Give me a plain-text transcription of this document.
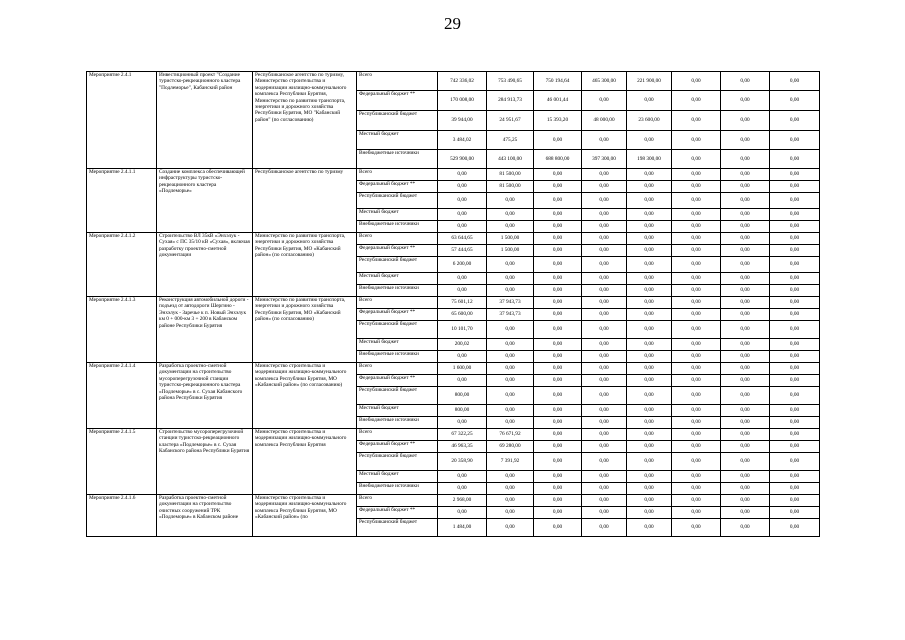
29
Мероприятие 2.4.1	Инвестиционный проект "Создание туристско-рекреационного кластера "Подлеморье", Кабанский район	Республиканское агентство по туризму, Министерство строительства и модернизации жилищно-коммунального комплекса Республики Бурятия, Министерство по развитию транспорта, энергетики и дорожного хозяйства Республики Бурятия, МО "Кабанский район" (по согласованию)	Всего	742 336,02	753 490,65	750 194,64	465 300,00	221 900,00	0,00	0,00	0,00
			Федеральный бюджет **	170 008,00	284 913,73	46 001,44	0,00	0,00	0,00	0,00	0,00
			Республиканский бюджет	39 944,00	24 951,67	15 393,20	48 000,00	23 600,00	0,00	0,00	0,00
			Местный бюджет	3 484,02	475,25	0,00	0,00	0,00	0,00	0,00	0,00
			Внебюджетные источники	529 900,00	443 100,00	688 800,00	397 300,00	198 300,00	0,00	0,00	0,00
Мероприятие 2.4.1.1	Создание комплекса обеспечивающей инфраструктуры туристско-рекреационного кластера «Подлеморье»	Республиканское агентство по туризму	Всего	0,00	81 500,00	0,00	0,00	0,00	0,00	0,00	0,00
			Федеральный бюджет **	0,00	81 500,00	0,00	0,00	0,00	0,00	0,00	0,00
			Республиканский бюджет	0,00	0,00	0,00	0,00	0,00	0,00	0,00	0,00
			Местный бюджет	0,00	0,00	0,00	0,00	0,00	0,00	0,00	0,00
			Внебюджетные источники	0,00	0,00	0,00	0,00	0,00	0,00	0,00	0,00
Мероприятие 2.4.1.2	Строительство ВЛ 35кВ «Энхэлук - Сухая» с ПС 35/10 кВ «Сухая», включая разработку проектно-сметной документации	Министерство по развитию транспорта, энергетики и дорожного хозяйства Республики Бурятия, МО «Кабанский район» (по согласованию)	Всего	63 644,65	1 500,00	0,00	0,00	0,00	0,00	0,00	0,00
			Федеральный бюджет **	57 444,65	1 500,00	0,00	0,00	0,00	0,00	0,00	0,00
			Республиканский бюджет	6 200,00	0,00	0,00	0,00	0,00	0,00	0,00	0,00
			Местный бюджет	0,00	0,00	0,00	0,00	0,00	0,00	0,00	0,00
			Внебюджетные источники	0,00	0,00	0,00	0,00	0,00	0,00	0,00	0,00
Мероприятие 2.4.1.3	Реконструкция автомобильной дороги - подъезд от автодороги Шергино - Энхэлук - Заречье к п. Новый Энхэлук км 0 + 000-км 3 + 200 в Кабанском районе Республики Бурятия	Министерство по развитию транспорта, энергетики и дорожного хозяйства Республики Бурятия, МО «Кабанский район» (по согласованию)	Всего	75 601,12	37 943,73	0,00	0,00	0,00	0,00	0,00	0,00
			Федеральный бюджет **	65 600,00	37 943,73	0,00	0,00	0,00	0,00	0,00	0,00
			Республиканский бюджет	10 101,70	0,00	0,00	0,00	0,00	0,00	0,00	0,00
			Местный бюджет	200,02	0,00	0,00	0,00	0,00	0,00	0,00	0,00
			Внебюджетные источники	0,00	0,00	0,00	0,00	0,00	0,00	0,00	0,00
Мероприятие 2.4.1.4	Разработка проектно-сметной документации на строительство мусороперегрузочной станции туристско-рекреационного кластера «Подлеморье» в с. Сухая Кабанского района Республики Бурятия	Министерство строительства и модернизации жилищно-коммунального комплекса Республики Бурятия, МО «Кабанский район» (по согласованию)	Всего	1 600,00	0,00	0,00	0,00	0,00	0,00	0,00	0,00
			Федеральный бюджет **	0,00	0,00	0,00	0,00	0,00	0,00	0,00	0,00
			Республиканский бюджет	800,00	0,00	0,00	0,00	0,00	0,00	0,00	0,00
			Местный бюджет	800,00	0,00	0,00	0,00	0,00	0,00	0,00	0,00
			Внебюджетные источники	0,00	0,00	0,00	0,00	0,00	0,00	0,00	0,00
Мероприятие 2.4.1.5	Строительство мусороперегрузочной станции туристско-рекреационного кластера «Подлеморье» в с. Сухая Кабанского района Республики Бурятия	Министерство строительства и модернизации жилищно-коммунального комплекса Республики Бурятия	Всего	67 322,25	76 671,92	0,00	0,00	0,00	0,00	0,00	0,00
			Федеральный бюджет **	46 963,35	69 280,00	0,00	0,00	0,00	0,00	0,00	0,00
			Республиканский бюджет	20 358,90	7 391,92	0,00	0,00	0,00	0,00	0,00	0,00
			Местный бюджет	0,00	0,00	0,00	0,00	0,00	0,00	0,00	0,00
			Внебюджетные источники	0,00	0,00	0,00	0,00	0,00	0,00	0,00	0,00
Мероприятие 2.4.1.6	Разработка проектно-сметной документации на строительство очистных сооружений ТРК «Подлеморье» в Кабанском районе	Министерство строительства и модернизации жилищно-коммунального комплекса Республики Бурятия, МО «Кабанский район» (по	Всего	2 968,00	0,00	0,00	0,00	0,00	0,00	0,00	0,00
			Федеральный бюджет **	0,00	0,00	0,00	0,00	0,00	0,00	0,00	0,00
			Республиканский бюджет	1 484,00	0,00	0,00	0,00	0,00	0,00	0,00	0,00
